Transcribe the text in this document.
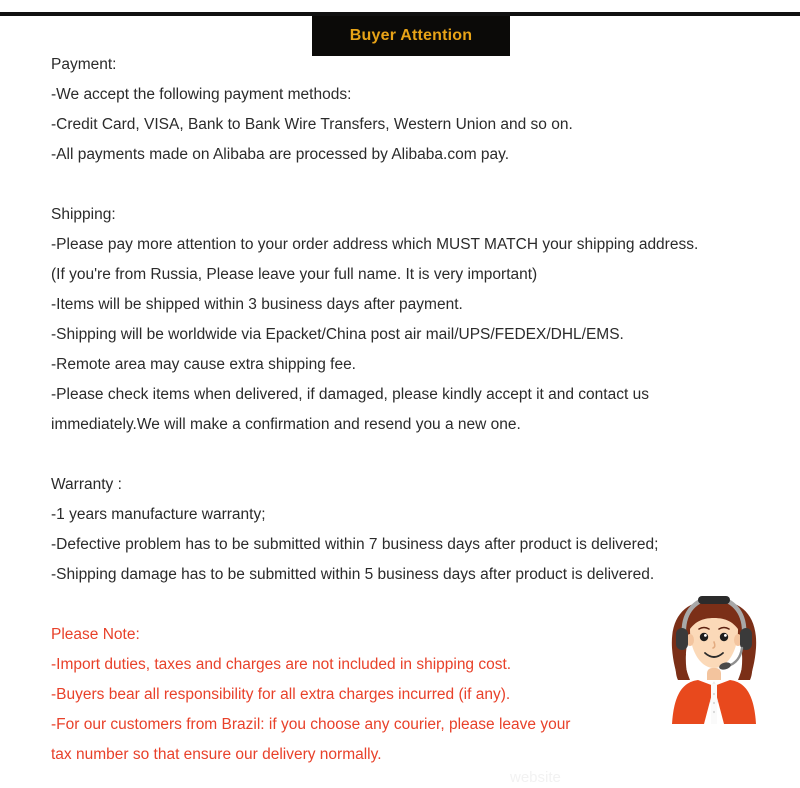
Buyer Attention
Payment:
-We accept the following payment methods:
-Credit Card, VISA, Bank to Bank Wire Transfers, Western Union and so on.
-All payments made on Alibaba are processed by Alibaba.com pay.
Shipping:
-Please pay more attention to your order address which MUST MATCH your shipping address.
(If you're from Russia, Please leave your full name. It is very important)
-Items will be shipped within 3 business days after payment.
-Shipping will be worldwide via Epacket/China post air mail/UPS/FEDEX/DHL/EMS.
-Remote area may cause extra shipping fee.
-Please check items when delivered, if damaged, please kindly accept it and contact us
immediately.We will make a confirmation and resend you a new one.
Warranty :
-1 years manufacture warranty;
-Defective problem has to be submitted within 7 business days after product is delivered;
-Shipping damage has to be submitted within 5 business days after product is delivered.
Please Note:
-Import duties, taxes and charges are not included in shipping cost.
-Buyers bear all responsibility for all extra charges incurred (if any).
-For our customers from Brazil: if you choose any courier, please leave your
tax number so that ensure our delivery normally.
website
